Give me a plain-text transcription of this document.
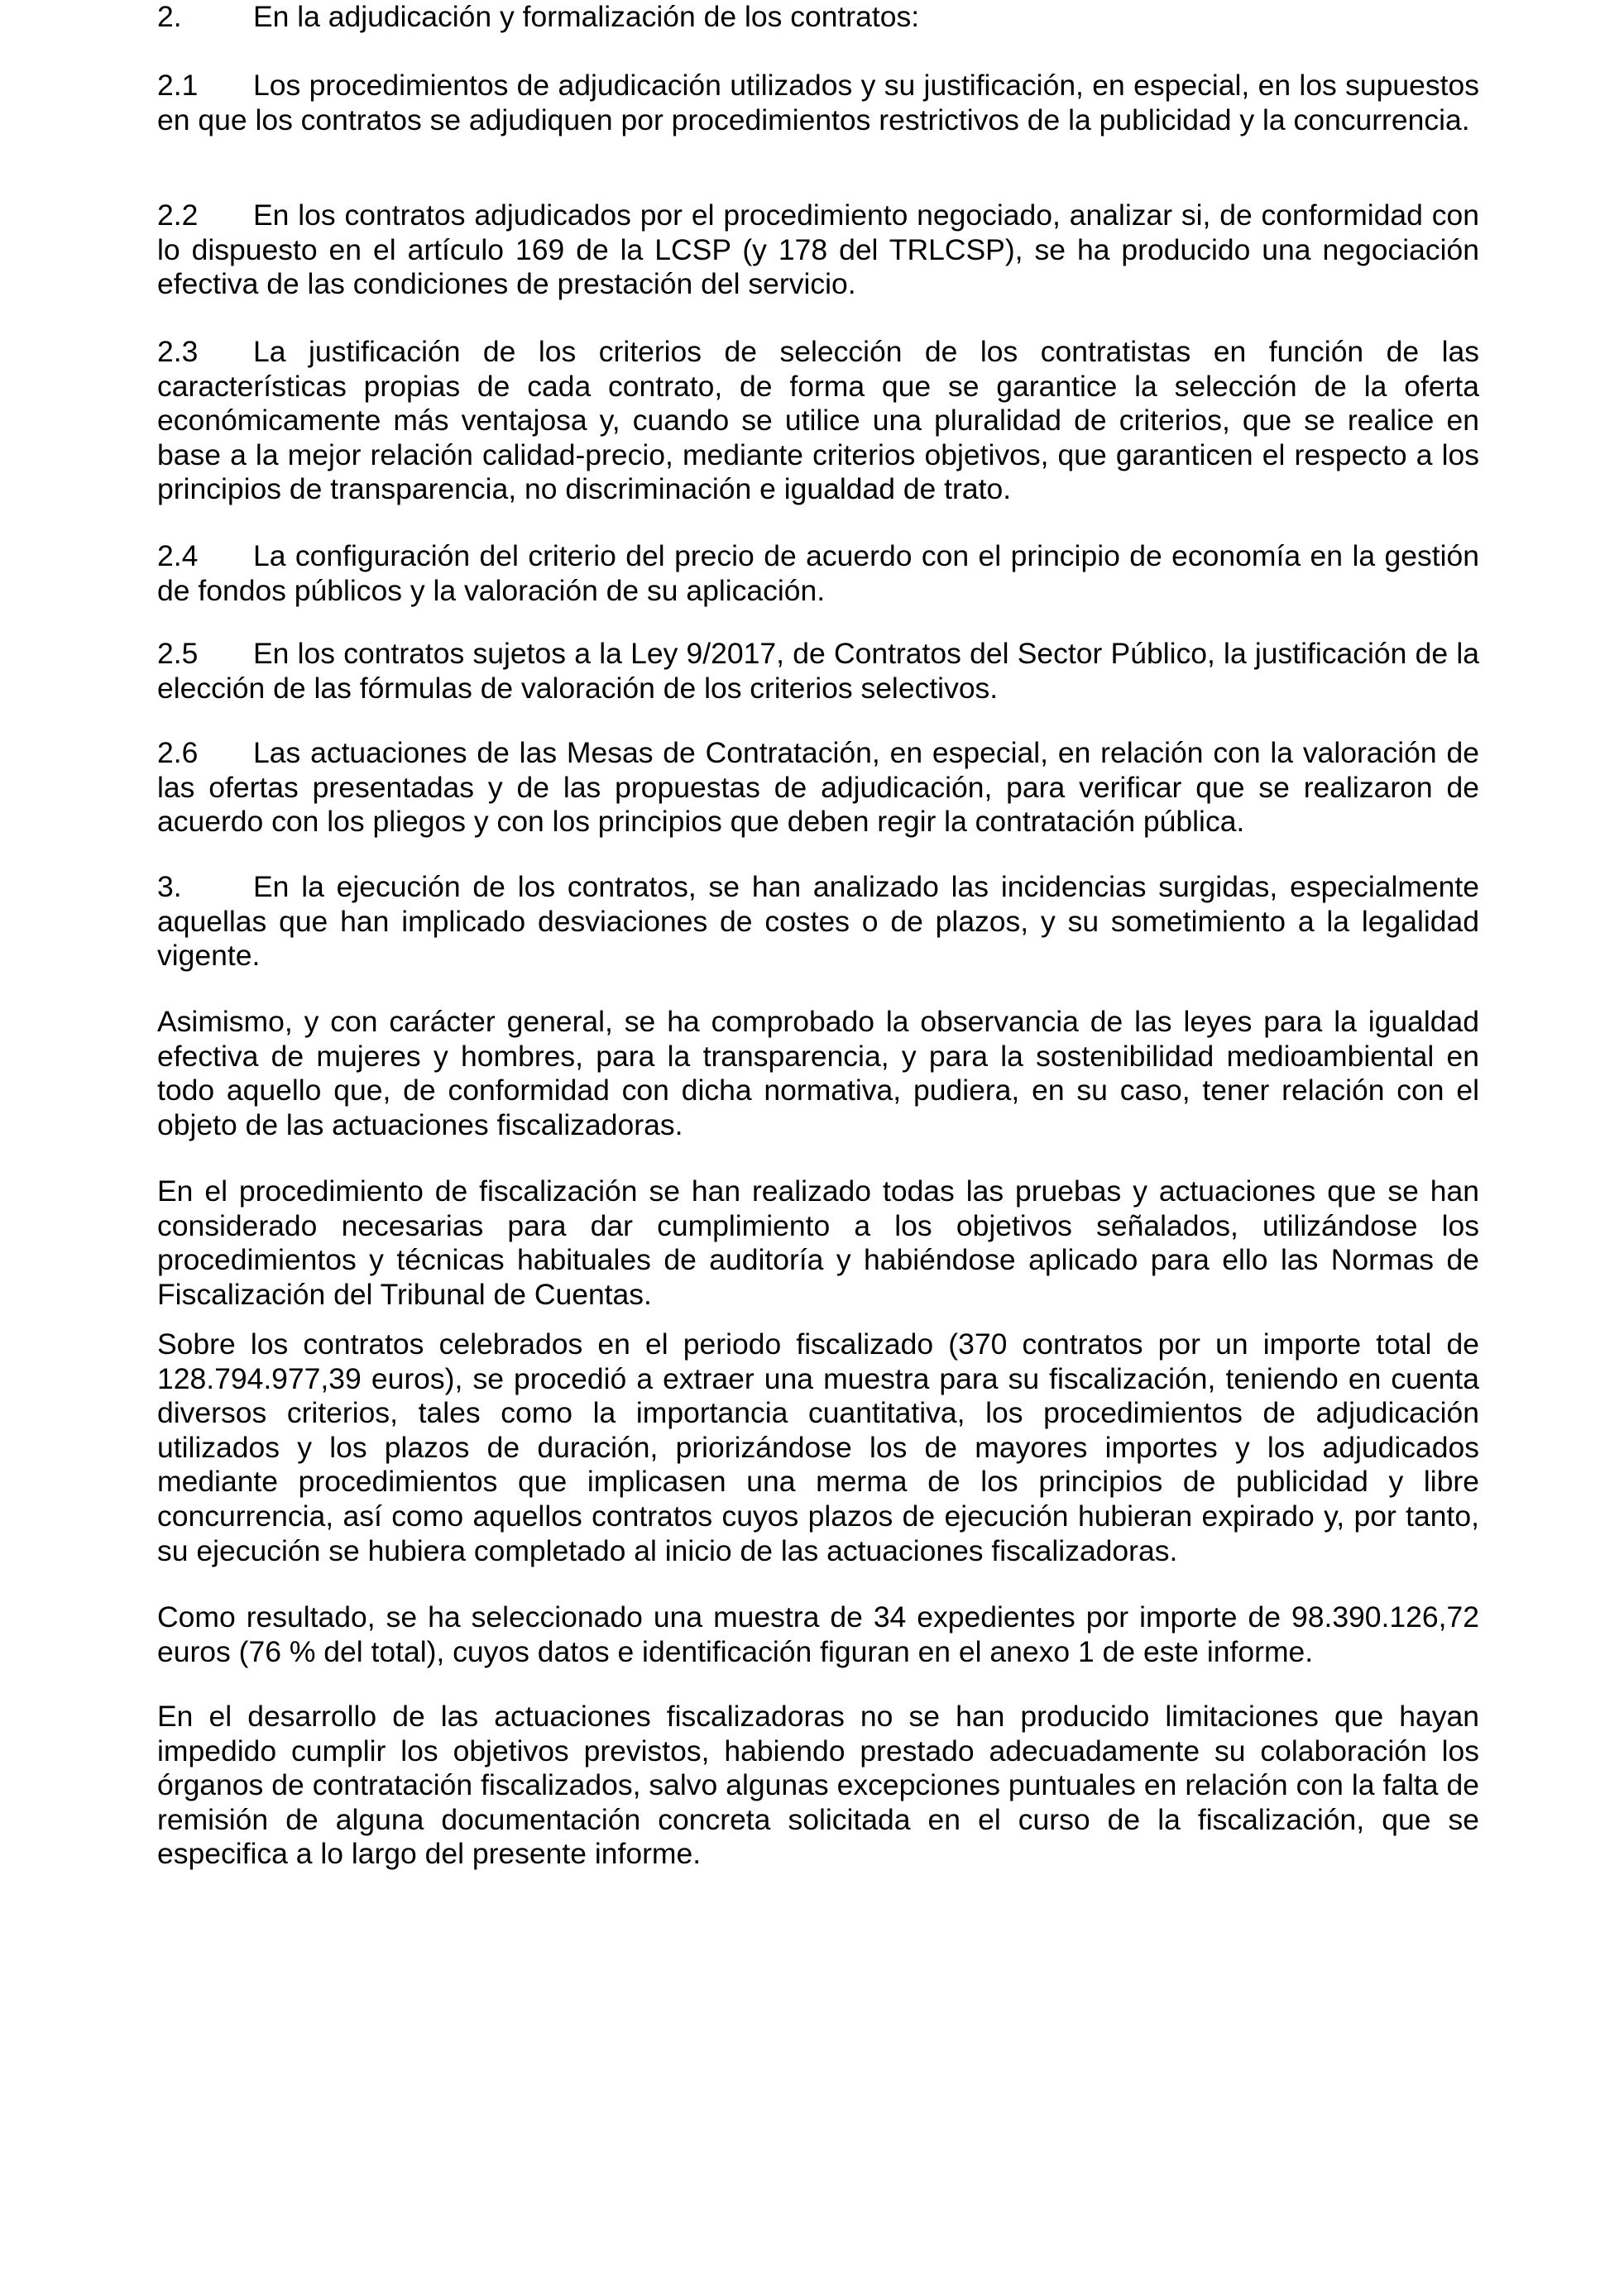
2. En la adjudicación y formalización de los contratos:

2.1 Los procedimientos de adjudicación utilizados y su justificación, en especial, en los supuestos en que los contratos se adjudiquen por procedimientos restrictivos de la publicidad y la concurrencia.

2.2 En los contratos adjudicados por el procedimiento negociado, analizar si, de conformidad con lo dispuesto en el artículo 169 de la LCSP (y 178 del TRLCSP), se ha producido una negociación efectiva de las condiciones de prestación del servicio.

2.3 La justificación de los criterios de selección de los contratistas en función de las características propias de cada contrato, de forma que se garantice la selección de la oferta económicamente más ventajosa y, cuando se utilice una pluralidad de criterios, que se realice en base a la mejor relación calidad-precio, mediante criterios objetivos, que garanticen el respecto a los principios de transparencia, no discriminación e igualdad de trato.

2.4 La configuración del criterio del precio de acuerdo con el principio de economía en la gestión de fondos públicos y la valoración de su aplicación.

2.5 En los contratos sujetos a la Ley 9/2017, de Contratos del Sector Público, la justificación de la elección de las fórmulas de valoración de los criterios selectivos.

2.6 Las actuaciones de las Mesas de Contratación, en especial, en relación con la valoración de las ofertas presentadas y de las propuestas de adjudicación, para verificar que se realizaron de acuerdo con los pliegos y con los principios que deben regir la contratación pública.

3. En la ejecución de los contratos, se han analizado las incidencias surgidas, especialmente aquellas que han implicado desviaciones de costes o de plazos, y su sometimiento a la legalidad vigente.

Asimismo, y con carácter general, se ha comprobado la observancia de las leyes para la igualdad efectiva de mujeres y hombres, para la transparencia, y para la sostenibilidad medioambiental en todo aquello que, de conformidad con dicha normativa, pudiera, en su caso, tener relación con el objeto de las actuaciones fiscalizadoras.

En el procedimiento de fiscalización se han realizado todas las pruebas y actuaciones que se han considerado necesarias para dar cumplimiento a los objetivos señalados, utilizándose los procedimientos y técnicas habituales de auditoría y habiéndose aplicado para ello las Normas de Fiscalización del Tribunal de Cuentas.

Sobre los contratos celebrados en el periodo fiscalizado (370 contratos por un importe total de 128.794.977,39 euros), se procedió a extraer una muestra para su fiscalización, teniendo en cuenta diversos criterios, tales como la importancia cuantitativa, los procedimientos de adjudicación utilizados y los plazos de duración, priorizándose los de mayores importes y los adjudicados mediante procedimientos que implicasen una merma de los principios de publicidad y libre concurrencia, así como aquellos contratos cuyos plazos de ejecución hubieran expirado y, por tanto, su ejecución se hubiera completado al inicio de las actuaciones fiscalizadoras.

Como resultado, se ha seleccionado una muestra de 34 expedientes por importe de 98.390.126,72 euros (76 % del total), cuyos datos e identificación figuran en el anexo 1 de este informe.

En el desarrollo de las actuaciones fiscalizadoras no se han producido limitaciones que hayan impedido cumplir los objetivos previstos, habiendo prestado adecuadamente su colaboración los órganos de contratación fiscalizados, salvo algunas excepciones puntuales en relación con la falta de remisión de alguna documentación concreta solicitada en el curso de la fiscalización, que se especifica a lo largo del presente informe.
